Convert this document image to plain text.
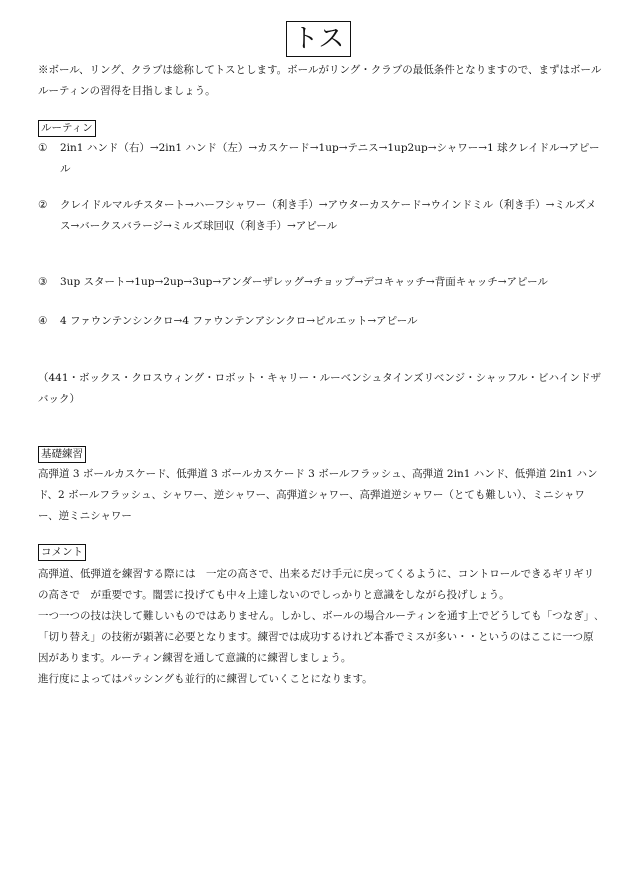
トス
※ボール、リング、クラブは総称してトスとします。ボールがリング・クラブの最低条件となりますので、まずはボールルーティンの習得を目指しましょう。
ルーティン
①	2in1 ハンド（右）→2in1 ハンド（左）→カスケード→1up→テニス→1up2up→シャワー→1 球クレイドル→アピール
②	クレイドルマルチスタート→ハーフシャワー（利き手）→アウターカスケード→ウインドミル（利き手）→ミルズメス→バークスバラージ→ミルズ球回収（利き手）→アピール
③	3up スタート→1up→2up→3up→アンダーザレッグ→チョップ→デコキャッチ→背面キャッチ→アピール
④	4 ファウンテンシンクロ→4 ファウンテンアシンクロ→ピルエット→アピール
（441・ボックス・クロスウィング・ロボット・キャリー・ルーベンシュタインズリベンジ・シャッフル・ビハインドザバック）
基礎練習
高弾道 3 ボールカスケード、低弾道 3 ボールカスケード 3 ボールフラッシュ、高弾道 2in1 ハンド、低弾道 2in1 ハンド、2 ボールフラッシュ、シャワー、逆シャワー、高弾道シャワー、高弾道逆シャワー（とても難しい）、ミニシャワー、逆ミニシャワー
コメント
高弾道、低弾道を練習する際には　一定の高さで、出来るだけ手元に戻ってくるように、コントロールできるギリギリの高さで　が重要です。闇雲に投げても中々上達しないのでしっかりと意識をしながら投げしょう。
一つ一つの技は決して難しいものではありません。しかし、ボールの場合ルーティンを通す上でどうしても「つなぎ」､「切り替え」の技術が顕著に必要となります。練習では成功するけれど本番でミスが多い・・というのはここに一つ原因があります。ルーティン練習を通して意識的に練習しましょう。
進行度によってはパッシングも並行的に練習していくことになります。
